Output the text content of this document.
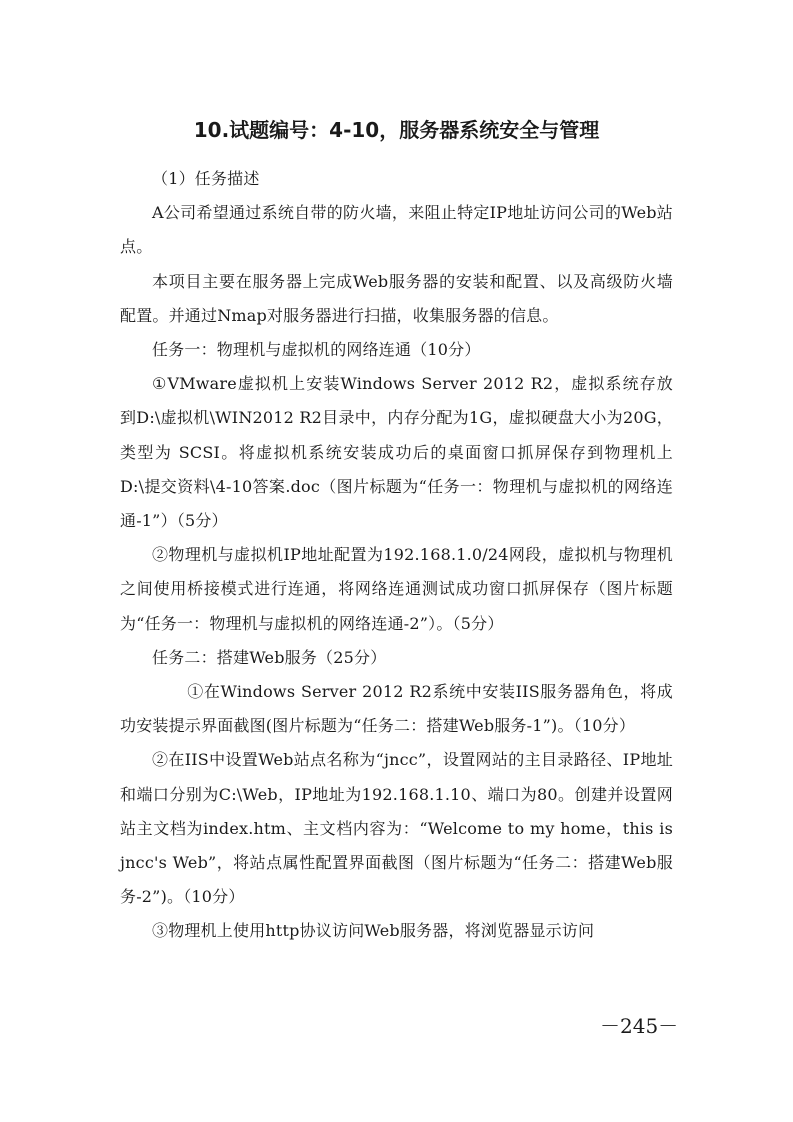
10.试题编号：4-10，服务器系统安全与管理

（1）任务描述

A公司希望通过系统自带的防火墙，来阻止特定IP地址访问公司的Web站点。

本项目主要在服务器上完成Web服务器的安装和配置、以及高级防火墙配置。并通过Nmap对服务器进行扫描，收集服务器的信息。

任务一：物理机与虚拟机的网络连通（10分）

①VMware虚拟机上安装Windows Server 2012 R2，虚拟系统存放到D:\虚拟机\WIN2012 R2目录中，内存分配为1G，虚拟硬盘大小为20G，类型为 SCSI。将虚拟机系统安装成功后的桌面窗口抓屏保存到物理机上D:\提交资料\4-10答案.doc（图片标题为“任务一：物理机与虚拟机的网络连通-1”）（5分）

②物理机与虚拟机IP地址配置为192.168.1.0/24网段，虚拟机与物理机之间使用桥接模式进行连通，将网络连通测试成功窗口抓屏保存（图片标题为“任务一：物理机与虚拟机的网络连通-2”）。（5分）

任务二：搭建Web服务（25分）

①在Windows Server 2012 R2系统中安装IIS服务器角色，将成功安装提示界面截图(图片标题为“任务二：搭建Web服务-1”)。（10分）

②在IIS中设置Web站点名称为“jncc”，设置网站的主目录路径、IP地址和端口分别为C:\Web，IP地址为192.168.1.10、端口为80。创建并设置网站主文档为index.htm、主文档内容为：“Welcome to my home，this is jncc's Web”，将站点属性配置界面截图（图片标题为“任务二：搭建Web服务-2”)。（10分）

③物理机上使用http协议访问Web服务器，将浏览器显示访问

－245－
